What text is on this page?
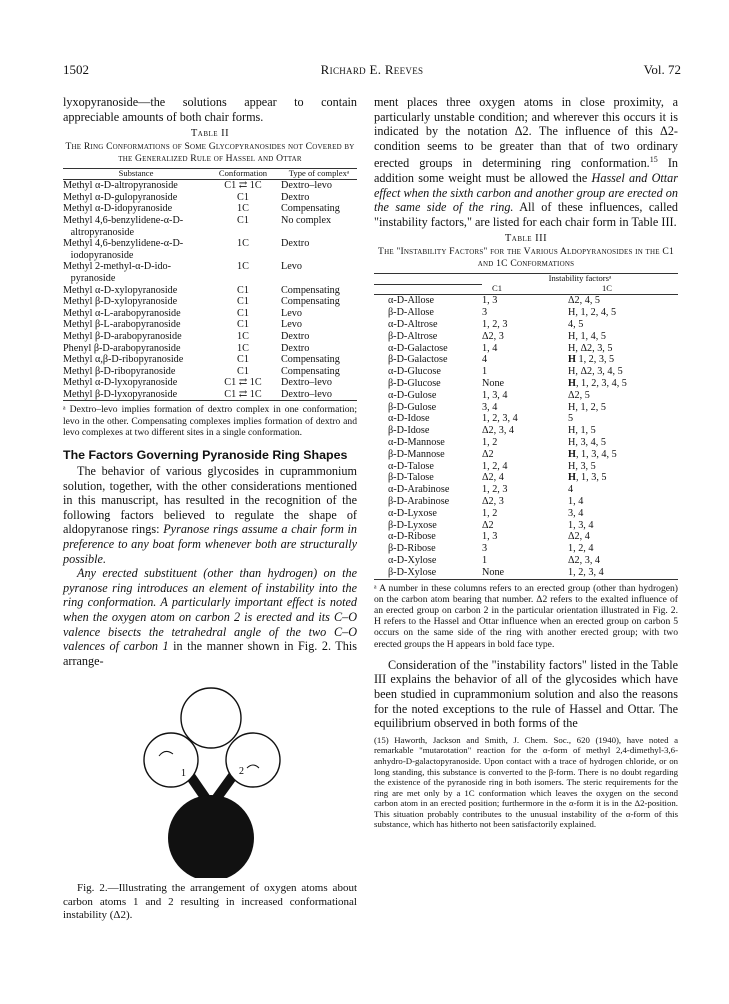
1502	Richard E. Reeves	Vol. 72

lyxopyranoside—the solutions appear to contain appreciable amounts of both chair forms.

Table II
The Ring Conformations of Some Glycopyranosides not Covered by the Generalized Rule of Hassel and Ottar
Substance	Conformation	Type of complexᵃ
Methyl α-D-altropyranoside	C1 ⇄ 1C	Dextro–levo
Methyl α-D-gulopyranoside	C1	Dextro
Methyl α-D-idopyranoside	1C	Compensating
Methyl 4,6-benzylidene-α-D-	C1	No complex
altropyranoside		
Methyl 4,6-benzylidene-α-D-	1C	Dextro
iodopyranoside		
Methyl 2-methyl-α-D-ido-	1C	Levo
pyranoside		
Methyl α-D-xylopyranoside	C1	Compensating
Methyl β-D-xylopyranoside	C1	Compensating
Methyl α-L-arabopyranoside	C1	Levo
Methyl β-L-arabopyranoside	C1	Levo
Methyl β-D-arabopyranoside	1C	Dextro
Phenyl β-D-arabopyranoside	1C	Dextro
Methyl α,β-D-ribopyranoside	C1	Compensating
Methyl β-D-ribopyranoside	C1	Compensating
Methyl α-D-lyxopyranoside	C1 ⇄ 1C	Dextro–levo
Methyl β-D-lyxopyranoside	C1 ⇄ 1C	Dextro–levo

ᵃ Dextro–levo implies formation of dextro complex in one conformation; levo in the other. Compensating complexes implies formation of dextro and levo complexes at two different sites in a single conformation.

The Factors Governing Pyranoside Ring Shapes

The behavior of various glycosides in cuprammonium solution, together, with the other considerations mentioned in this manuscript, has resulted in the recognition of the following factors believed to regulate the shape of aldopyranose rings: Pyranose rings assume a chair form in preference to any boat form whenever both are structurally possible.

Any erected substituent (other than hydrogen) on the pyranose ring introduces an element of instability into the ring conformation. A particularly important effect is noted when the oxygen atom on carbon 2 is erected and its C–O valence bisects the tetrahedral angle of the two C–O valences of carbon 1 in the manner shown in Fig. 2. This arrange-

1	2

Fig. 2.—Illustrating the arrangement of oxygen atoms about carbon atoms 1 and 2 resulting in increased conformational instability (Δ2).

ment places three oxygen atoms in close proximity, a particularly unstable condition; and wherever this occurs it is indicated by the notation Δ2. The influence of this Δ2-condition seems to be greater than that of two ordinary erected groups in determining ring conformation.$^{15}$ In addition some weight must be allowed the Hassel and Ottar effect when the sixth carbon and another group are erected on the same side of the ring. All of these influences, called "instability factors," are listed for each chair form in Table III.

Table III
The "Instability Factors" for the Various Aldopyranosides in the C1 and 1C Conformations
	Instability factorsᵃ	
	C1	1C
α-D-Allose	1, 3	Δ2, 4, 5
β-D-Allose	3	H, 1, 2, 4, 5
α-D-Altrose	1, 2, 3	4, 5
β-D-Altrose	Δ2, 3	H, 1, 4, 5
α-D-Galactose	1, 4	H, Δ2, 3, 5
β-D-Galactose	4	H 1, 2, 3, 5
α-D-Glucose	1	H, Δ2, 3, 4, 5
β-D-Glucose	None	H, 1, 2, 3, 4, 5
α-D-Gulose	1, 3, 4	Δ2, 5
β-D-Gulose	3, 4	H, 1, 2, 5
α-D-Idose	1, 2, 3, 4	5
β-D-Idose	Δ2, 3, 4	H, 1, 5
α-D-Mannose	1, 2	H, 3, 4, 5
β-D-Mannose	Δ2	H, 1, 3, 4, 5
α-D-Talose	1, 2, 4	H, 3, 5
β-D-Talose	Δ2, 4	H, 1, 3, 5
α-D-Arabinose	1, 2, 3	4
β-D-Arabinose	Δ2, 3	1, 4
α-D-Lyxose	1, 2	3, 4
β-D-Lyxose	Δ2	1, 3, 4
α-D-Ribose	1, 3	Δ2, 4
β-D-Ribose	3	1, 2, 4
α-D-Xylose	1	Δ2, 3, 4
β-D-Xylose	None	1, 2, 3, 4

ᵃ A number in these columns refers to an erected group (other than hydrogen) on the carbon atom bearing that number. Δ2 refers to the exalted influence of an erected group on carbon 2 in the particular orientation illustrated in Fig. 2. H refers to the Hassel and Ottar influence when an erected group on carbon 5 occurs on the same side of the ring with another erected group; with two erected groups the H appears in bold face type.

Consideration of the "instability factors" listed in the Table III explains the behavior of all of the glycosides which have been studied in cuprammonium solution and also the reasons for the noted exceptions to the rule of Hassel and Ottar. The equilibrium observed in both forms of the

(15) Haworth, Jackson and Smith, J. Chem. Soc., 620 (1940), have noted a remarkable "mutarotation" reaction for the α-form of methyl 2,4-dimethyl-3,6-anhydro-D-galactopyranoside. Upon contact with a trace of hydrogen chloride, or on long standing, this substance is converted to the β-form. There is no doubt regarding the existence of the pyranoside ring in both isomers. The steric requirements for the ring are met only by a 1C conformation which leaves the oxygen on the second carbon atom in an erected position; furthermore in the α-form it is in the Δ2-position. This situation probably contributes to the unusual instability of the α-form of this substance, which has hitherto not been satisfactorily explained.
